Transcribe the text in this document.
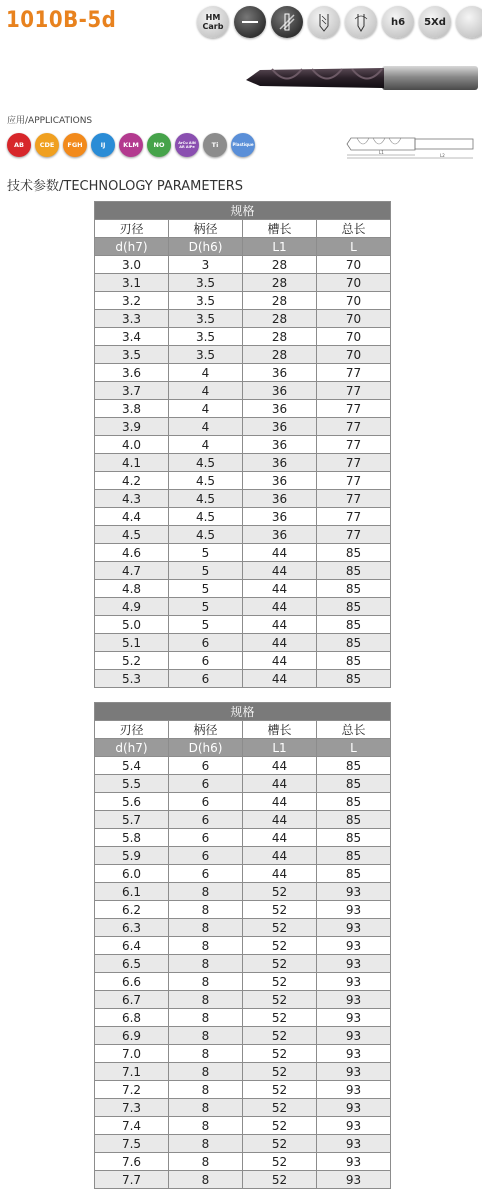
1010B-5d	HM
Carb	h6	5Xd
应用/APPLICATIONS
AB	CDE	FGH	IJ	KLM	NO	ArCu AlN AR AlPe	Ti	Plastique
L1
L2
技术参数/TECHNOLOGY PARAMETERS
规格			
刃径	柄径	槽长	总长
d(h7)	D(h6)	L1	L
3.0	3	28	70
3.1	3.5	28	70
3.2	3.5	28	70
3.3	3.5	28	70
3.4	3.5	28	70
3.5	3.5	28	70
3.6	4	36	77
3.7	4	36	77
3.8	4	36	77
3.9	4	36	77
4.0	4	36	77
4.1	4.5	36	77
4.2	4.5	36	77
4.3	4.5	36	77
4.4	4.5	36	77
4.5	4.5	36	77
4.6	5	44	85
4.7	5	44	85
4.8	5	44	85
4.9	5	44	85
5.0	5	44	85
5.1	6	44	85
5.2	6	44	85
5.3	6	44	85
规格			
刃径	柄径	槽长	总长
d(h7)	D(h6)	L1	L
5.4	6	44	85
5.5	6	44	85
5.6	6	44	85
5.7	6	44	85
5.8	6	44	85
5.9	6	44	85
6.0	6	44	85
6.1	8	52	93
6.2	8	52	93
6.3	8	52	93
6.4	8	52	93
6.5	8	52	93
6.6	8	52	93
6.7	8	52	93
6.8	8	52	93
6.9	8	52	93
7.0	8	52	93
7.1	8	52	93
7.2	8	52	93
7.3	8	52	93
7.4	8	52	93
7.5	8	52	93
7.6	8	52	93
7.7	8	52	93
